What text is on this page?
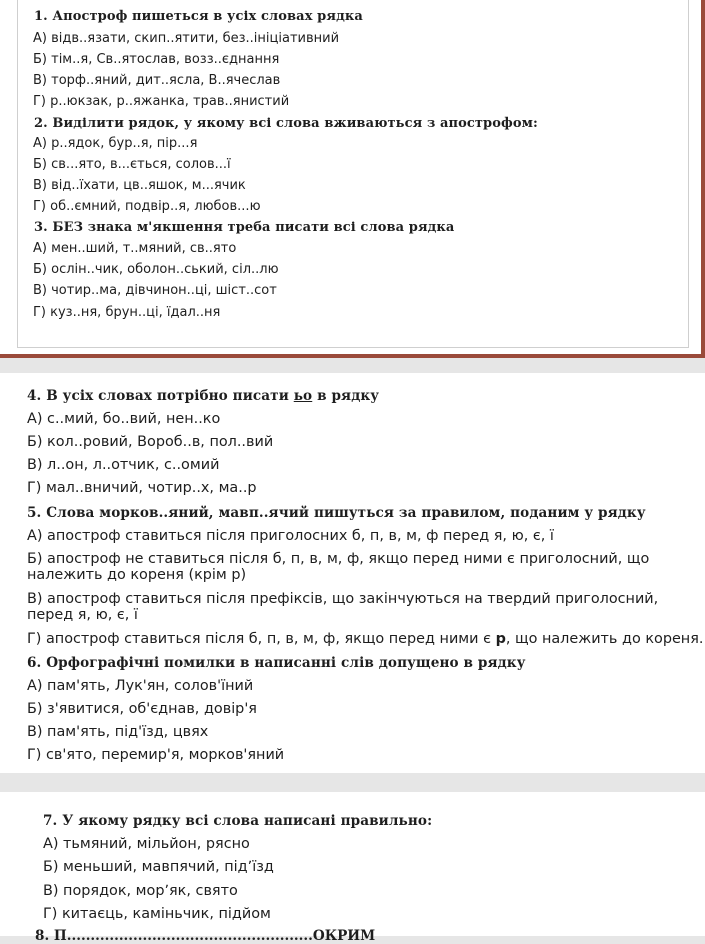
1. Апостроф пишеться в усіх словах рядка
А) відв..язати, скип..ятити, без..ініціативний
Б) тім..я, Св..ятослав, возз..єднання
В) торф..яний, дит..ясла, В..ячеслав
Г) р..юкзак, р..яжанка, трав..янистий
2. Виділити рядок, у якому всі слова вживаються з апострофом:
А) р..ядок, бур..я, пір...я
Б) св...ято, в...ється, солов...ї
В) від..їхати, цв..яшок, м...ячик
Г) об..ємний, подвір..я, любов...ю
3. БЕЗ знака м'якшення треба писати всі слова рядка
А) мен..ший, т..мяний, св..ято
Б) ослін..чик, оболон..ський, сіл..лю
В) чотир..ма, дівчинон..ці, шіст..сот
Г) куз..ня, брун..ці, їдал..ня
4. В усіх словах потрібно писати ьо в рядку
А) с..мий, бо..вий, нен..ко
Б) кол..ровий, Вороб..в, пол..вий
В) л..он, л..отчик, с..омий
Г) мал..вничий, чотир..х, ма..р
5. Слова морков..яний, мавп..ячий пишуться за правилом, поданим у рядку
А) апостроф ставиться після приголосних б, п, в, м, ф перед я, ю, є, ї
Б) апостроф не ставиться після б, п, в, м, ф, якщо перед ними є приголосний, що
належить до кореня (крім р)
В) апостроф ставиться після префіксів, що закінчуються на твердий приголосний,
перед я, ю, є, ї
Г) апостроф ставиться після б, п, в, м, ф, якщо перед ними є р, що належить до кореня.
6. Орфографічні помилки в написанні слів допущено в рядку
А) пам'ять, Лук'ян, солов'їний
Б) з'явитися, об'єднав, довір'я
В) пам'ять, під'їзд, цвях
Г) св'ято, перемир'я, морков'яний
7. У якому рядку всі слова написані правильно:
А) тьмяний, мільйон, рясно
Б) меньший, мавпячий, підʼїзд
В) порядок, морʼяк, свято
Г) китаєць, каміньчик, підйом
8. П....................................................ОКРИМ
